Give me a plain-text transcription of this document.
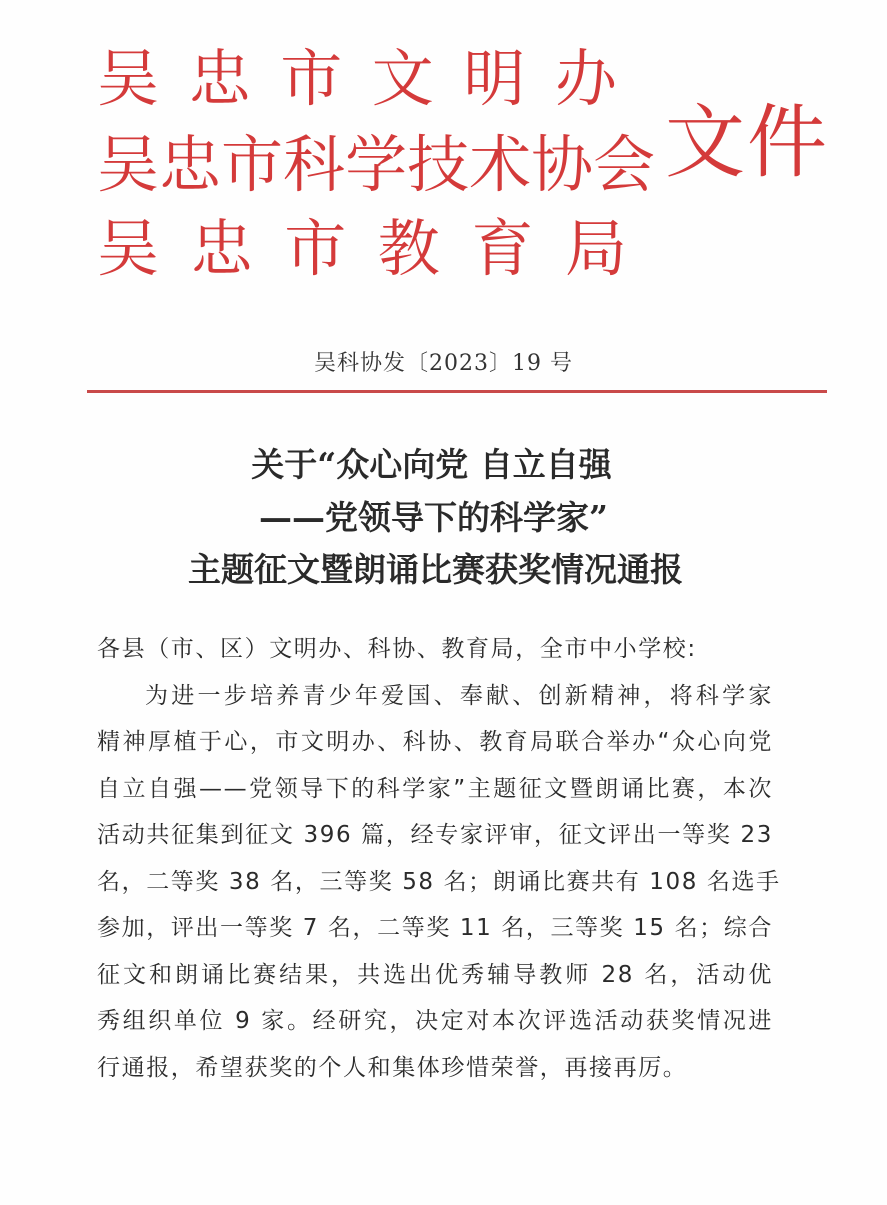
吴 忠 市 文 明 办
吴 忠 市 科 学 技 术 协 会
吴 忠 市 教 育 局
文件
吴科协发〔2023〕19 号
关于“众心向党 自立自强
——党领导下的科学家”
主题征文暨朗诵比赛获奖情况通报
各县（市、区）文明办、科协、教育局，全市中小学校:
为进一步培养青少年爱国、奉献、创新精神，将科学家
精神厚植于心，市文明办、科协、教育局联合举办“众心向党
自立自强——党领导下的科学家”主题征文暨朗诵比赛，本次
活动共征集到征文 396 篇，经专家评审，征文评出一等奖 23
名，二等奖 38 名，三等奖 58 名；朗诵比赛共有 108 名选手
参加，评出一等奖 7 名，二等奖 11 名，三等奖 15 名；综合
征文和朗诵比赛结果，共选出优秀辅导教师 28 名，活动优
秀组织单位 9 家。经研究，决定对本次评选活动获奖情况进
行通报，希望获奖的个人和集体珍惜荣誉，再接再厉。
